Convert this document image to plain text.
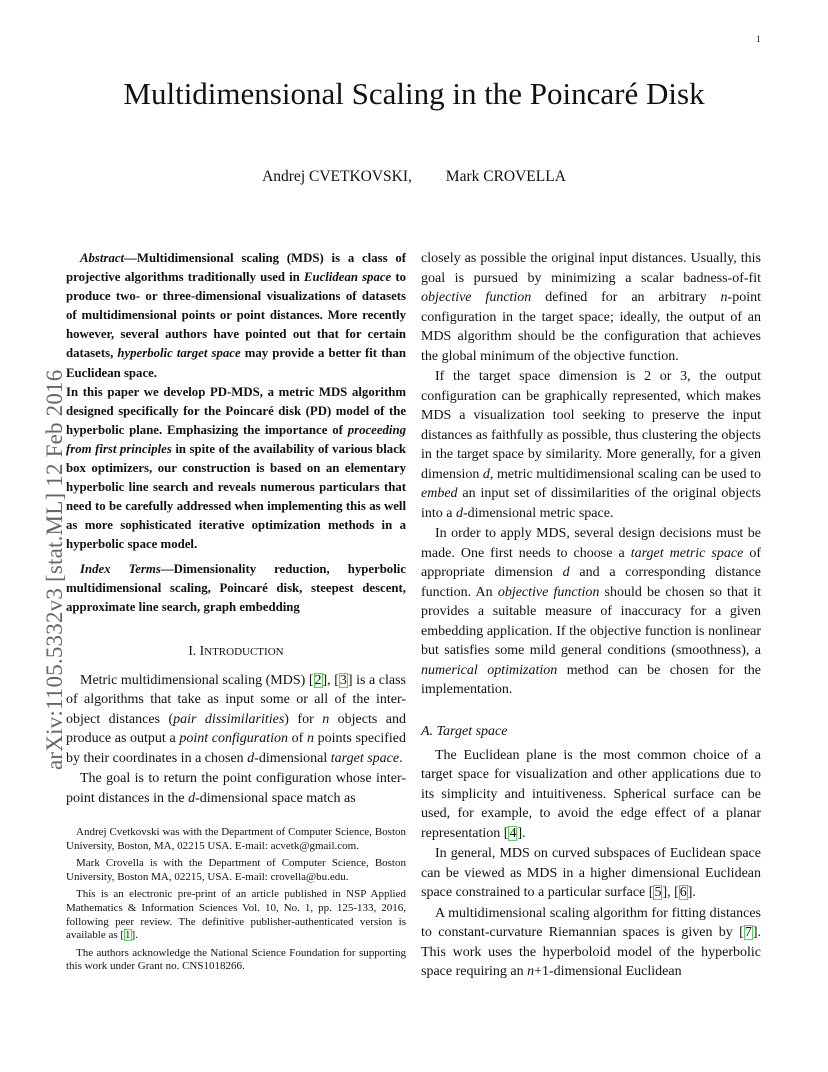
1
arXiv:1105.5332v3 [stat.ML] 12 Feb 2016
Multidimensional Scaling in the Poincaré Disk
Andrej CVETKOVSKI, Mark CROVELLA

Abstract—Multidimensional scaling (MDS) is a class of projective algorithms traditionally used in Euclidean space to produce two- or three-dimensional visualizations of datasets of multidimensional points or point distances. More recently however, several authors have pointed out that for certain datasets, hyperbolic target space may provide a better fit than Euclidean space.

In this paper we develop PD-MDS, a metric MDS algorithm designed specifically for the Poincaré disk (PD) model of the hyperbolic plane. Emphasizing the importance of proceeding from first principles in spite of the availability of various black box optimizers, our construction is based on an elementary hyperbolic line search and reveals numerous particulars that need to be carefully addressed when implementing this as well as more sophisticated iterative optimization methods in a hyperbolic space model.

Index Terms—Dimensionality reduction, hyperbolic multidimensional scaling, Poincaré disk, steepest descent, approximate line search, graph embedding
I. INTRODUCTION

Metric multidimensional scaling (MDS) [2], [3] is a class of algorithms that take as input some or all of the inter-object distances (pair dissimilarities) for n objects and produce as output a point configuration of n points specified by their coordinates in a chosen d-dimensional target space.

The goal is to return the point configuration whose inter-point distances in the d-dimensional space match as

Andrej Cvetkovski was with the Department of Computer Science, Boston University, Boston, MA, 02215 USA. E-mail: acvetk@gmail.com.

Mark Crovella is with the Department of Computer Science, Boston University, Boston MA, 02215, USA. E-mail: crovella@bu.edu.

This is an electronic pre-print of an article published in NSP Applied Mathematics & Information Sciences Vol. 10, No. 1, pp. 125-133, 2016, following peer review. The definitive publisher-authenticated version is available as [1].

The authors acknowledge the National Science Foundation for supporting this work under Grant no. CNS1018266.

closely as possible the original input distances. Usually, this goal is pursued by minimizing a scalar badness-of-fit objective function defined for an arbitrary n-point configuration in the target space; ideally, the output of an MDS algorithm should be the configuration that achieves the global minimum of the objective function.

If the target space dimension is 2 or 3, the output configuration can be graphically represented, which makes MDS a visualization tool seeking to preserve the input distances as faithfully as possible, thus clustering the objects in the target space by similarity. More generally, for a given dimension d, metric multidimensional scaling can be used to embed an input set of dissimilarities of the original objects into a d-dimensional metric space.

In order to apply MDS, several design decisions must be made. One first needs to choose a target metric space of appropriate dimension d and a corresponding distance function. An objective function should be chosen so that it provides a suitable measure of inaccuracy for a given embedding application. If the objective function is nonlinear but satisfies some mild general conditions (smoothness), a numerical optimization method can be chosen for the implementation.

A. Target space

The Euclidean plane is the most common choice of a target space for visualization and other applications due to its simplicity and intuitiveness. Spherical surface can be used, for example, to avoid the edge effect of a planar representation [4].

In general, MDS on curved subspaces of Euclidean space can be viewed as MDS in a higher dimensional Euclidean space constrained to a particular surface [5], [6].

A multidimensional scaling algorithm for fitting distances to constant-curvature Riemannian spaces is given by [7]. This work uses the hyperboloid model of the hyperbolic space requiring an n+1-dimensional Euclidean
